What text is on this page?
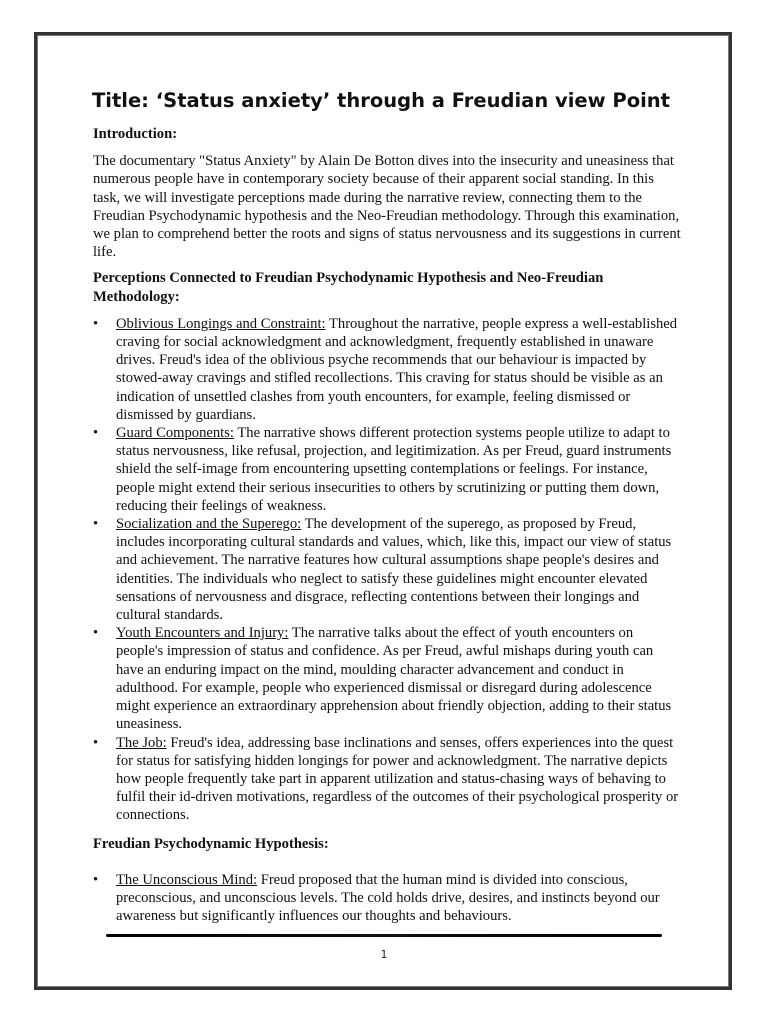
Title: ‘Status anxiety’ through a Freudian view Point
Introduction:

The documentary "Status Anxiety" by Alain De Botton dives into the insecurity and uneasiness that numerous people have in contemporary society because of their apparent social standing. In this task, we will investigate perceptions made during the narrative review, connecting them to the Freudian Psychodynamic hypothesis and the Neo-Freudian methodology. Through this examination, we plan to comprehend better the roots and signs of status nervousness and its suggestions in current life.

Perceptions Connected to Freudian Psychodynamic Hypothesis and Neo-Freudian Methodology:
• Oblivious Longings and Constraint: Throughout the narrative, people express a well-established craving for social acknowledgment and acknowledgment, frequently established in unaware drives. Freud's idea of the oblivious psyche recommends that our behaviour is impacted by stowed-away cravings and stifled recollections. This craving for status should be visible as an indication of unsettled clashes from youth encounters, for example, feeling dismissed or dismissed by guardians.
• Guard Components: The narrative shows different protection systems people utilize to adapt to status nervousness, like refusal, projection, and legitimization. As per Freud, guard instruments shield the self-image from encountering upsetting contemplations or feelings. For instance, people might extend their serious insecurities to others by scrutinizing or putting them down, reducing their feelings of weakness.
• Socialization and the Superego: The development of the superego, as proposed by Freud, includes incorporating cultural standards and values, which, like this, impact our view of status and achievement. The narrative features how cultural assumptions shape people's desires and identities. The individuals who neglect to satisfy these guidelines might encounter elevated sensations of nervousness and disgrace, reflecting contentions between their longings and cultural standards.
• Youth Encounters and Injury: The narrative talks about the effect of youth encounters on people's impression of status and confidence. As per Freud, awful mishaps during youth can have an enduring impact on the mind, moulding character advancement and conduct in adulthood. For example, people who experienced dismissal or disregard during adolescence might experience an extraordinary apprehension about friendly objection, adding to their status uneasiness.
• The Job: Freud's idea, addressing base inclinations and senses, offers experiences into the quest for status for satisfying hidden longings for power and acknowledgment. The narrative depicts how people frequently take part in apparent utilization and status-chasing ways of behaving to fulfil their id-driven motivations, regardless of the outcomes of their psychological prosperity or connections.
Freudian Psychodynamic Hypothesis:
• The Unconscious Mind: Freud proposed that the human mind is divided into conscious, preconscious, and unconscious levels. The cold holds drive, desires, and instincts beyond our awareness but significantly influences our thoughts and behaviours.
1
